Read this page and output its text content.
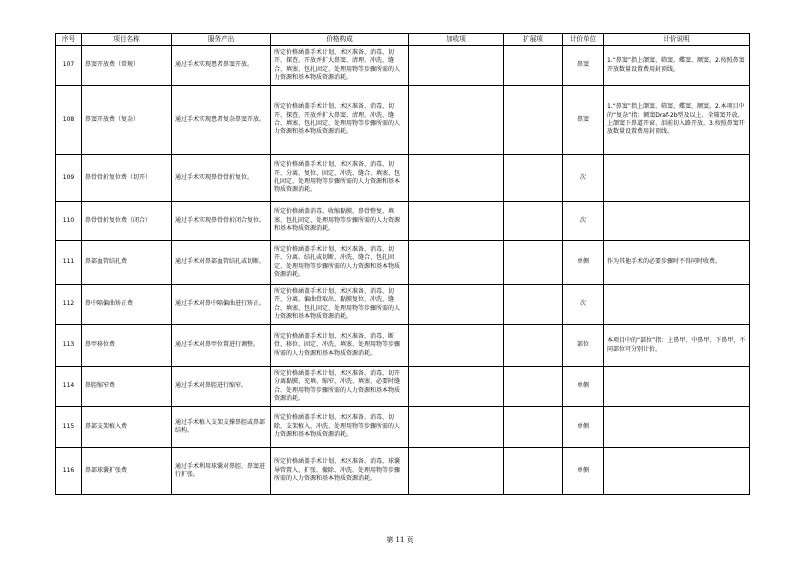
序号	项目名称	服务产出	价格构成	加收项	扩展项	计价单位	计价说明
107	鼻窦开放费（常规）	通过手术实现患者鼻窦开放。	所定价格涵盖手术计划、术区准备、消毒、切开、探查、开放并扩大鼻窦、清理、冲洗、缝合、填塞、包扎固定、处理用物等步骤所需的人力资源和基本物质资源消耗。			鼻窦	1.“鼻窦”指上颌窦、筛窦、蝶窦、额窦。2.按照鼻窦开放数量设置费用封顶线。
108	鼻窦开放费（复杂）	通过手术实现患者复杂鼻窦开放。	所定价格涵盖手术计划、术区准备、消毒、切开、探查、开放并扩大鼻窦、清理、冲洗、缝合、填塞、包扎固定、处理用物等步骤所需的人力资源和基本物质资源消耗。			鼻窦	1.“鼻窦”指上颌窦、筛窦、蝶窦、额窦。2.本项目中的“复杂”指：额窦Draf-2b型及以上、全筛窦开放、上颌窦下鼻道开窗、泪前切入路开放。3.按照鼻窦开放数量设置费用封顶线。
109	鼻骨骨折复位费（切开）	通过手术实现鼻骨骨折复位。	所定价格涵盖手术计划、术区准备、消毒、切开、分离、复位、固定、冲洗、缝合、填塞、包扎固定、处理用物等步骤所需的人力资源和基本物质资源消耗。			次	
110	鼻骨骨折复位费（闭合）	通过手术实现鼻骨骨折闭合复位。	所定价格涵盖消毒、收缩黏膜、鼻骨整复、填塞、包扎固定、处理用物等步骤所需的人力资源和基本物质资源消耗。			次	
111	鼻部血管结扎费	通过手术对鼻部血管结扎或切断。	所定价格涵盖手术计划、术区准备、消毒、切开、分离、结扎或切断、冲洗、缝合、包扎固定、处理用物等步骤所需的人力资源和基本物质资源消耗。			单侧	作为其他手术的必要步骤时不得同时收费。
112	鼻中隔偏曲矫正费	通过手术对鼻中隔偏曲进行矫正。	所定价格涵盖手术计划、术区准备、消毒、切开、分离、偏曲骨取出、黏膜复位、冲洗、缝合、填塞、包扎固定、处理用物等步骤所需的人力资源和基本物质资源消耗。			次	
113	鼻甲移位费	通过手术对鼻甲位置进行调整。	所定价格涵盖手术计划、术区准备、消毒、断骨、移位、固定、冲洗、填塞、处理用物等步骤所需的人力资源和基本物质资源消耗。			部位	本项目中的“部位”指：上鼻甲、中鼻甲、下鼻甲，不同部位可分别计价。
114	鼻腔缩窄费	通过手术对鼻腔进行缩窄。	所定价格涵盖手术计划、术区准备、消毒、切开分离黏膜、充填、缩窄、冲洗、填塞、必要时缝合、处理用物等步骤所需的人力资源和基本物质资源消耗。			单侧	
115	鼻部支架植入费	通过手术植入支架支撑鼻腔或鼻部结构。	所定价格涵盖手术计划、术区准备、消毒、切除、支架植入、冲洗、处理用物等步骤所需的人力资源和基本物质资源消耗。			单侧	
116	鼻部球囊扩张费	通过手术利用球囊对鼻腔、鼻窦进行扩张。	所定价格涵盖手术计划、术区准备、消毒、球囊导管置入、扩张、撤除、冲洗、处理用物等步骤所需的人力资源和基本物质资源消耗。			单侧	
第 11 页
